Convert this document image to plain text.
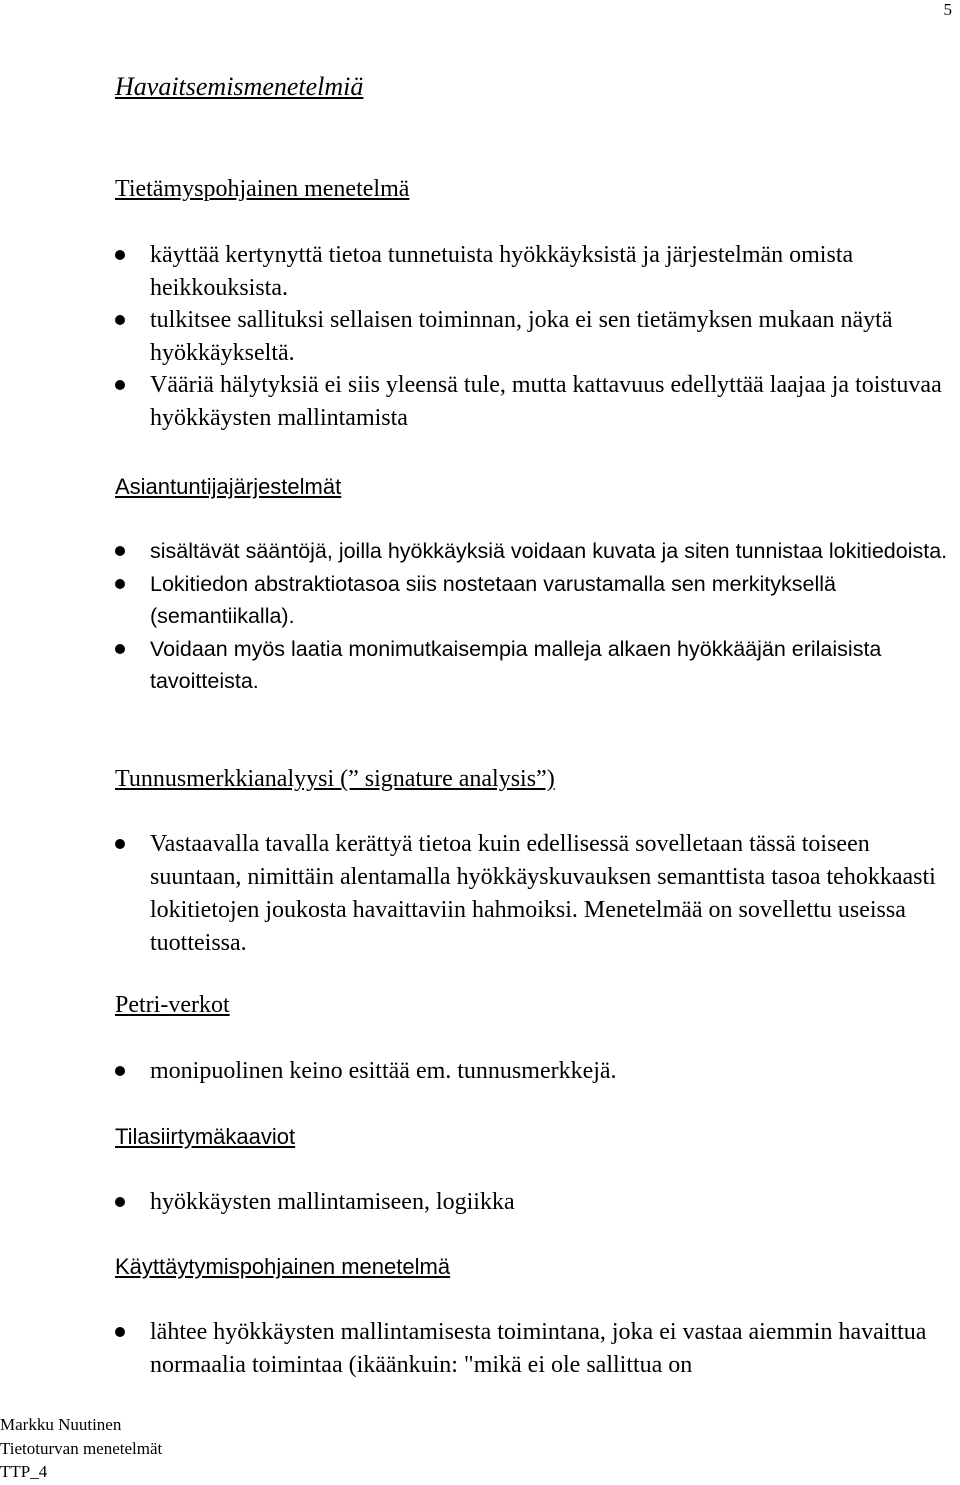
5
Havaitsemismenetelmiä
Tietämyspohjainen menetelmä
käyttää kertynyttä tietoa tunnetuista hyökkäyksistä ja järjestelmän omista heikkouksista.
tulkitsee sallituksi sellaisen toiminnan, joka ei sen tietämyksen mukaan näytä hyökkäykseltä.
Vääriä hälytyksiä ei siis yleensä tule, mutta kattavuus edellyttää laajaa ja toistuvaa hyökkäysten mallintamista
Asiantuntijajärjestelmät
sisältävät sääntöjä, joilla hyökkäyksiä voidaan kuvata ja siten tunnistaa lokitiedoista.
Lokitiedon abstraktiotasoa siis nostetaan varustamalla sen merkityksellä (semantiikalla).
Voidaan myös laatia monimutkaisempia malleja alkaen hyökkääjän erilaisista tavoitteista.
Tunnusmerkkianalyysi (” signature analysis”)
Vastaavalla tavalla kerättyä tietoa kuin edellisessä sovelletaan tässä toiseen suuntaan, nimittäin alentamalla hyökkäyskuvauksen semanttista tasoa tehokkaasti lokitietojen joukosta havaittaviin hahmoiksi. Menetelmää on sovellettu useissa tuotteissa.
Petri-verkot
monipuolinen keino esittää em. tunnusmerkkejä.
Tilasiirtymäkaaviot
hyökkäysten mallintamiseen, logiikka
Käyttäytymispohjainen menetelmä
lähtee hyökkäysten mallintamisesta toimintana, joka ei vastaa aiemmin havaittua normaalia toimintaa (ikäänkuin: "mikä ei ole sallittua on
Markku Nuutinen
Tietoturvan menetelmät
TTP_4
